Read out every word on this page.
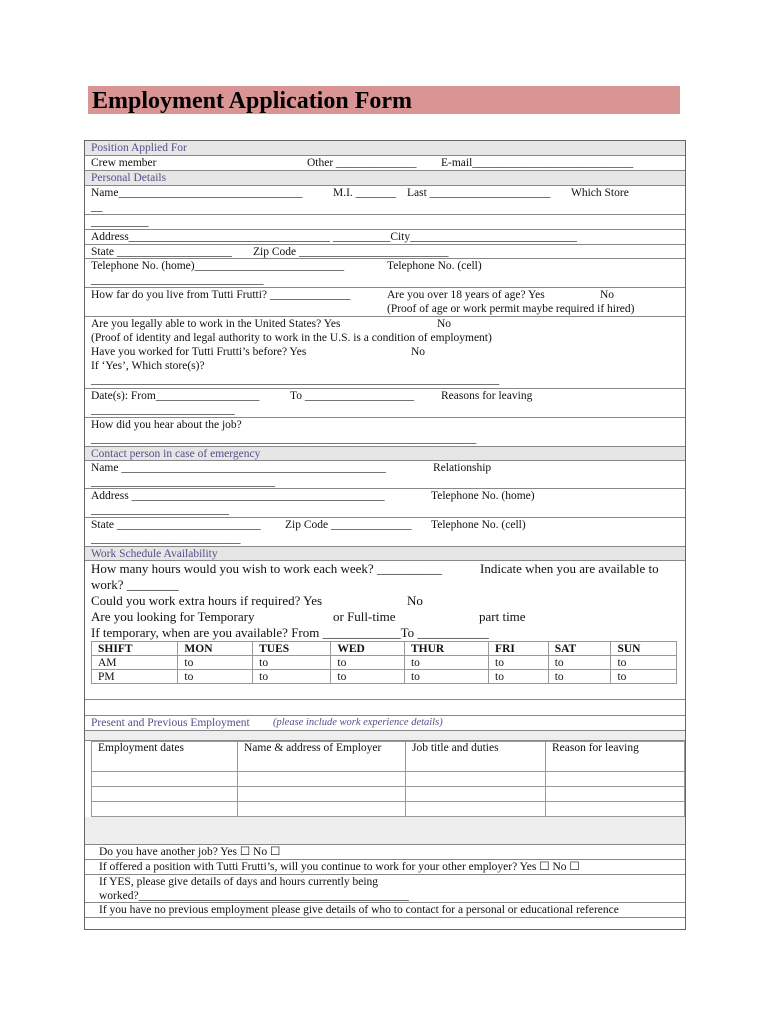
Employment Application Form
Position Applied For
Crew member	Other ______________ E-mail____________________________
Personal Details
Name________________________________	M.I. _______ Last _____________________ Which Store
__
__________
Address___________________________________ __________City_____________________________
State ____________________ Zip Code __________________________
Telephone No. (home)__________________________	Telephone No. (cell)
______________________________
How far do you live from Tutti Frutti? ______________	Are you over 18 years of age? Yes	No
(Proof of age or work permit maybe required if hired)
Are you legally able to work in the United States? Yes	No
(Proof of identity and legal authority to work in the U.S. is a condition of employment)
Have you worked for Tutti Frutti’s before? Yes	No
If ‘Yes’, Which store(s)?
_______________________________________________________________________
Date(s): From__________________	To ___________________ Reasons for leaving
_________________________
How did you hear about the job?
___________________________________________________________________
Contact person in case of emergency
Name ______________________________________________	Relationship
________________________________
Address ____________________________________________	Telephone No. (home)
________________________
State _________________________ Zip Code ______________ Telephone No. (cell)
__________________________
Work Schedule Availability
How many hours would you wish to work each week? __________	Indicate when you are available to
work? ________
Could you work extra hours if required? Yes	No
Are you looking for Temporary	or Full-time	part time
If temporary, when are you available? From ____________To ___________
SHIFT	MON	TUES	WED	THUR	FRI	SAT	SUN
AM	to	to	to	to	to	to	to
PM	to	to	to	to	to	to	to
Present and Previous Employment (please include work experience details)
Employment dates	Name & address of Employer	Job title and duties	Reason for leaving

Do you have another job? Yes ☐ No ☐
If offered a position with Tutti Frutti’s, will you continue to work for your other employer? Yes ☐ No ☐
If YES, please give details of days and hours currently being
worked?_______________________________________________
If you have no previous employment please give details of who to contact for a personal or educational reference
